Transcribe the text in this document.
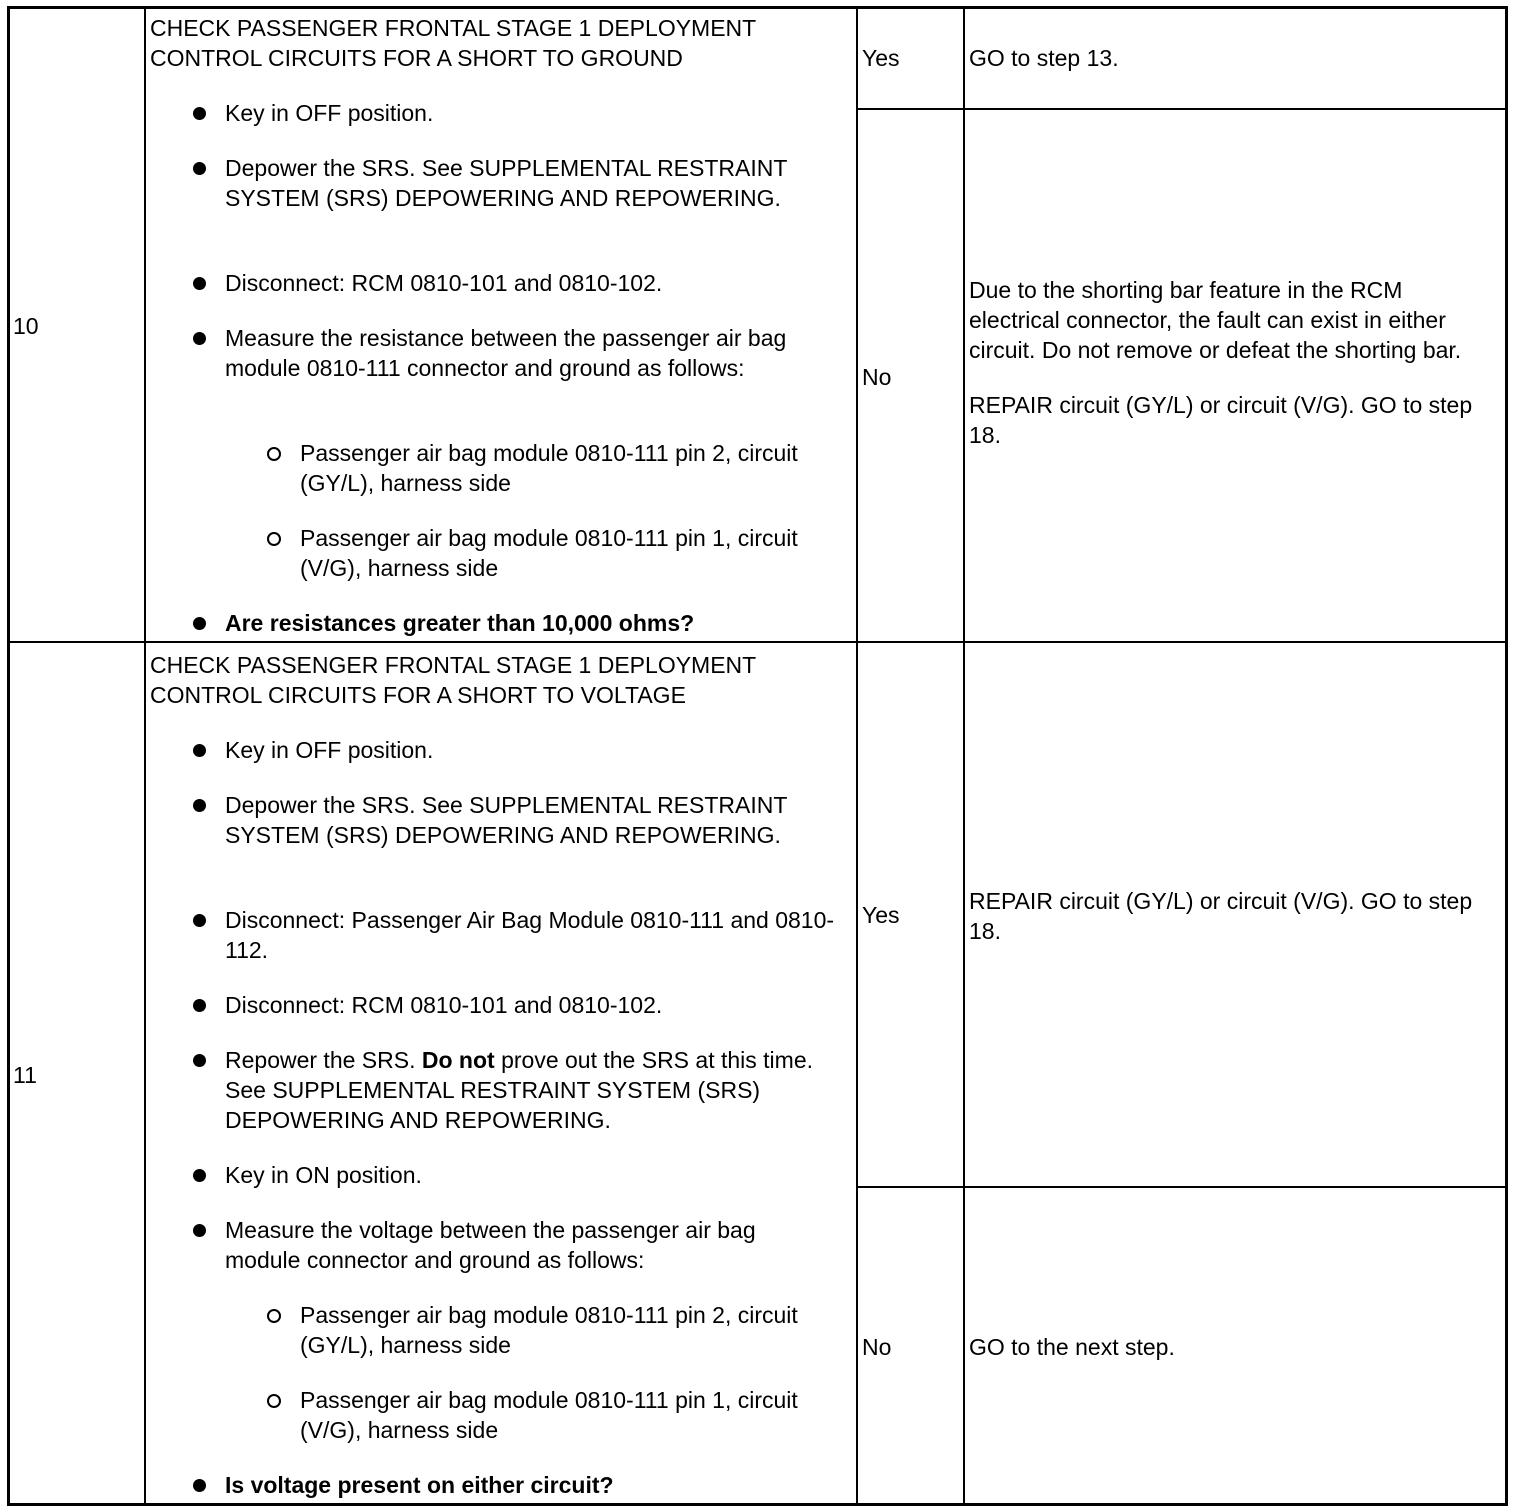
10
CHECK PASSENGER FRONTAL STAGE 1 DEPLOYMENT CONTROL CIRCUITS FOR A SHORT TO GROUND
Key in OFF position.
Depower the SRS. See SUPPLEMENTAL RESTRAINT SYSTEM (SRS) DEPOWERING AND REPOWERING.
Disconnect: RCM 0810-101 and 0810-102.
Measure the resistance between the passenger air bag module 0810-111 connector and ground as follows:
Passenger air bag module 0810-111 pin 2, circuit (GY/L), harness side
Passenger air bag module 0810-111 pin 1, circuit (V/G), harness side
Are resistances greater than 10,000 ohms?
Yes	GO to step 13.
No

Due to the shorting bar feature in the RCM electrical connector, the fault can exist in either circuit. Do not remove or defeat the shorting bar.

REPAIR circuit (GY/L) or circuit (V/G). GO to step 18.

11
CHECK PASSENGER FRONTAL STAGE 1 DEPLOYMENT CONTROL CIRCUITS FOR A SHORT TO VOLTAGE
Key in OFF position.
Depower the SRS. See SUPPLEMENTAL RESTRAINT SYSTEM (SRS) DEPOWERING AND REPOWERING.
Disconnect: Passenger Air Bag Module 0810-111 and 0810-112.
Disconnect: RCM 0810-101 and 0810-102.
Repower the SRS. Do not prove out the SRS at this time. See SUPPLEMENTAL RESTRAINT SYSTEM (SRS) DEPOWERING AND REPOWERING.
Key in ON position.
Measure the voltage between the passenger air bag module connector and ground as follows:
Passenger air bag module 0810-111 pin 2, circuit (GY/L), harness side
Passenger air bag module 0810-111 pin 1, circuit (V/G), harness side
Is voltage present on either circuit?
Yes
REPAIR circuit (GY/L) or circuit (V/G). GO to step 18.
No	GO to the next step.
